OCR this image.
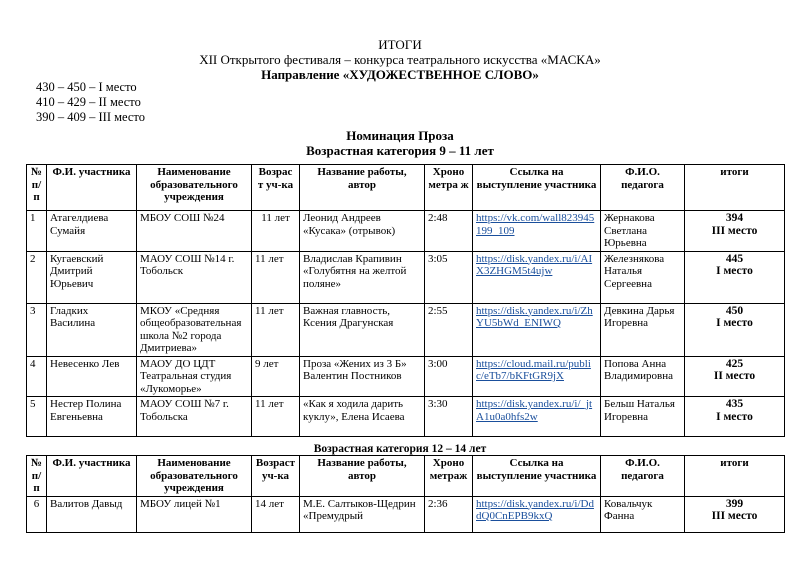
ИТОГИ
XII Открытого фестиваля – конкурса театрального искусства «МАСКА»
Направление «ХУДОЖЕСТВЕННОЕ СЛОВО»
430 – 450 – I место
410 – 429 – II место
390 – 409 – III место
Номинация Проза
Возрастная категория 9 – 11 лет
№ п/ п	Ф.И. участника	Наименование образовательного учреждения	Возрас т уч-ка	Название работы, автор	Хроно метра ж	Ссылка на выступление участника	Ф.И.О. педагога	итоги
1	Атагелдиева Сумайя	МБОУ СОШ №24	11 лет	Леонид Андреев «Кусака» (отрывок)	2:48	https://vk.com/wall823945199_109	Жернакова Светлана Юрьевна	394
III место

2	Кугаевский Дмитрий Юрьевич	МАОУ СОШ №14 г. Тобольск	11 лет	Владислав Крапивин «Голубятня на желтой поляне»	3:05	https://disk.yandex.ru/i/AIX3ZHGM5t4ujw	Железнякова Наталья Сергеевна	445
I место

3	Гладких Василина	МКОУ «Средняя общеобразовательная школа №2 города Дмитриева»	11 лет	Важная главность, Ксения Драгунская	2:55	https://disk.yandex.ru/i/ZhYU5bWd_ENIWQ	Девкина Дарья Игоревна	450
I место

4	Невесенко Лев	МАОУ ДО ЦДТ Театральная студия «Лукоморье»	9 лет	Проза «Жених из 3 Б» Валентин Постников	3:00	https://cloud.mail.ru/public/eTb7/bKFtGR9jX	Попова Анна Владимировна	425
II место

5	Нестер Полина Евгеньевна	МАОУ СОШ №7 г. Тобольска	11 лет	«Как я ходила дарить куклу», Елена Исаева	3:30	https://disk.yandex.ru/i/_jtA1u0a0hfs2w	Бельш Наталья Игоревна	435
I место
Возрастная категория 12 – 14 лет
№ п/п	Ф.И. участника	Наименование образовательного учреждения	Возраст уч-ка	Название работы, автор	Хроно метраж	Ссылка на выступление участника	Ф.И.О. педагога	итоги
6	Валитов Давыд	МБОУ лицей №1	14 лет	М.Е. Салтыков-Щедрин «Премудрый	2:36	https://disk.yandex.ru/i/DddQ0CnEPB9kxQ	Ковальчук Фанна	399
III место
